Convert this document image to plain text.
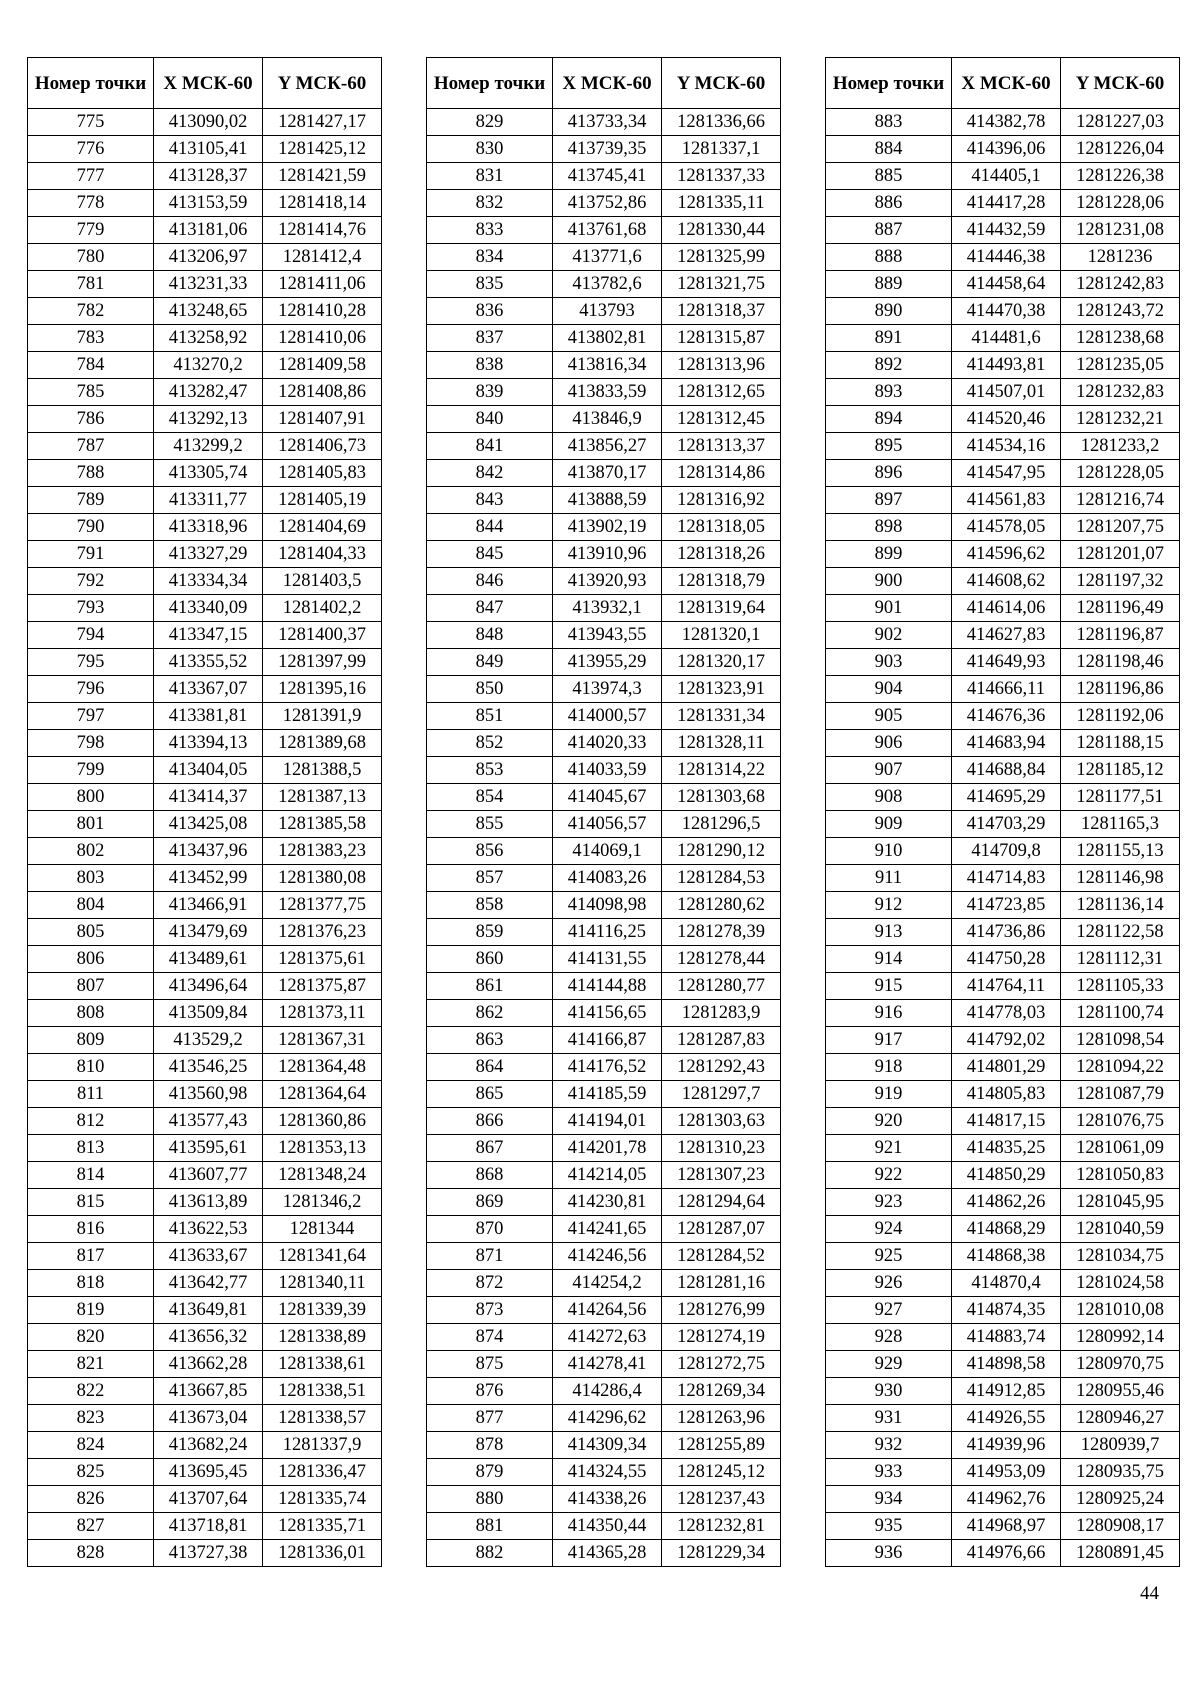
Номер точки	X МСК-60	Y МСК-60
775	413090,02	1281427,17
776	413105,41	1281425,12
777	413128,37	1281421,59
778	413153,59	1281418,14
779	413181,06	1281414,76
780	413206,97	1281412,4
781	413231,33	1281411,06
782	413248,65	1281410,28
783	413258,92	1281410,06
784	413270,2	1281409,58
785	413282,47	1281408,86
786	413292,13	1281407,91
787	413299,2	1281406,73
788	413305,74	1281405,83
789	413311,77	1281405,19
790	413318,96	1281404,69
791	413327,29	1281404,33
792	413334,34	1281403,5
793	413340,09	1281402,2
794	413347,15	1281400,37
795	413355,52	1281397,99
796	413367,07	1281395,16
797	413381,81	1281391,9
798	413394,13	1281389,68
799	413404,05	1281388,5
800	413414,37	1281387,13
801	413425,08	1281385,58
802	413437,96	1281383,23
803	413452,99	1281380,08
804	413466,91	1281377,75
805	413479,69	1281376,23
806	413489,61	1281375,61
807	413496,64	1281375,87
808	413509,84	1281373,11
809	413529,2	1281367,31
810	413546,25	1281364,48
811	413560,98	1281364,64
812	413577,43	1281360,86
813	413595,61	1281353,13
814	413607,77	1281348,24
815	413613,89	1281346,2
816	413622,53	1281344
817	413633,67	1281341,64
818	413642,77	1281340,11
819	413649,81	1281339,39
820	413656,32	1281338,89
821	413662,28	1281338,61
822	413667,85	1281338,51
823	413673,04	1281338,57
824	413682,24	1281337,9
825	413695,45	1281336,47
826	413707,64	1281335,74
827	413718,81	1281335,71
828	413727,38	1281336,01
Номер точки	X МСК-60	Y МСК-60
829	413733,34	1281336,66
830	413739,35	1281337,1
831	413745,41	1281337,33
832	413752,86	1281335,11
833	413761,68	1281330,44
834	413771,6	1281325,99
835	413782,6	1281321,75
836	413793	1281318,37
837	413802,81	1281315,87
838	413816,34	1281313,96
839	413833,59	1281312,65
840	413846,9	1281312,45
841	413856,27	1281313,37
842	413870,17	1281314,86
843	413888,59	1281316,92
844	413902,19	1281318,05
845	413910,96	1281318,26
846	413920,93	1281318,79
847	413932,1	1281319,64
848	413943,55	1281320,1
849	413955,29	1281320,17
850	413974,3	1281323,91
851	414000,57	1281331,34
852	414020,33	1281328,11
853	414033,59	1281314,22
854	414045,67	1281303,68
855	414056,57	1281296,5
856	414069,1	1281290,12
857	414083,26	1281284,53
858	414098,98	1281280,62
859	414116,25	1281278,39
860	414131,55	1281278,44
861	414144,88	1281280,77
862	414156,65	1281283,9
863	414166,87	1281287,83
864	414176,52	1281292,43
865	414185,59	1281297,7
866	414194,01	1281303,63
867	414201,78	1281310,23
868	414214,05	1281307,23
869	414230,81	1281294,64
870	414241,65	1281287,07
871	414246,56	1281284,52
872	414254,2	1281281,16
873	414264,56	1281276,99
874	414272,63	1281274,19
875	414278,41	1281272,75
876	414286,4	1281269,34
877	414296,62	1281263,96
878	414309,34	1281255,89
879	414324,55	1281245,12
880	414338,26	1281237,43
881	414350,44	1281232,81
882	414365,28	1281229,34
Номер точки	X МСК-60	Y МСК-60
883	414382,78	1281227,03
884	414396,06	1281226,04
885	414405,1	1281226,38
886	414417,28	1281228,06
887	414432,59	1281231,08
888	414446,38	1281236
889	414458,64	1281242,83
890	414470,38	1281243,72
891	414481,6	1281238,68
892	414493,81	1281235,05
893	414507,01	1281232,83
894	414520,46	1281232,21
895	414534,16	1281233,2
896	414547,95	1281228,05
897	414561,83	1281216,74
898	414578,05	1281207,75
899	414596,62	1281201,07
900	414608,62	1281197,32
901	414614,06	1281196,49
902	414627,83	1281196,87
903	414649,93	1281198,46
904	414666,11	1281196,86
905	414676,36	1281192,06
906	414683,94	1281188,15
907	414688,84	1281185,12
908	414695,29	1281177,51
909	414703,29	1281165,3
910	414709,8	1281155,13
911	414714,83	1281146,98
912	414723,85	1281136,14
913	414736,86	1281122,58
914	414750,28	1281112,31
915	414764,11	1281105,33
916	414778,03	1281100,74
917	414792,02	1281098,54
918	414801,29	1281094,22
919	414805,83	1281087,79
920	414817,15	1281076,75
921	414835,25	1281061,09
922	414850,29	1281050,83
923	414862,26	1281045,95
924	414868,29	1281040,59
925	414868,38	1281034,75
926	414870,4	1281024,58
927	414874,35	1281010,08
928	414883,74	1280992,14
929	414898,58	1280970,75
930	414912,85	1280955,46
931	414926,55	1280946,27
932	414939,96	1280939,7
933	414953,09	1280935,75
934	414962,76	1280925,24
935	414968,97	1280908,17
936	414976,66	1280891,45
44
